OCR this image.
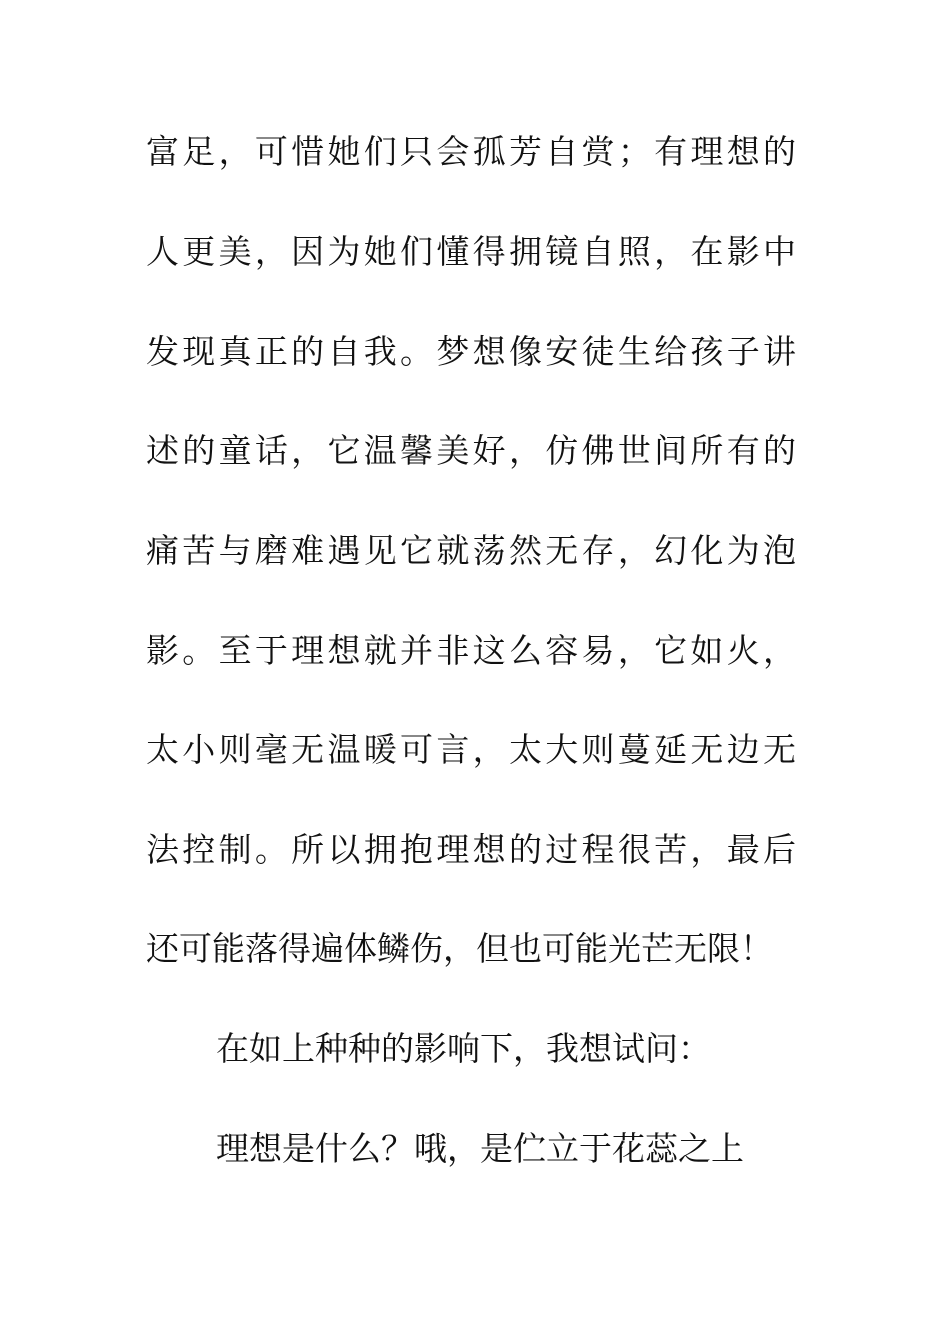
富足，可惜她们只会孤芳自赏；有理想的
人更美，因为她们懂得拥镜自照，在影中
发现真正的自我。梦想像安徒生给孩子讲
述的童话，它温馨美好，仿佛世间所有的
痛苦与磨难遇见它就荡然无存，幻化为泡
影。至于理想就并非这么容易，它如火，
太小则毫无温暖可言，太大则蔓延无边无
法控制。所以拥抱理想的过程很苦，最后
还可能落得遍体鳞伤，但也可能光芒无限！
在如上种种的影响下，我想试问：
理想是什么？哦，是伫立于花蕊之上
